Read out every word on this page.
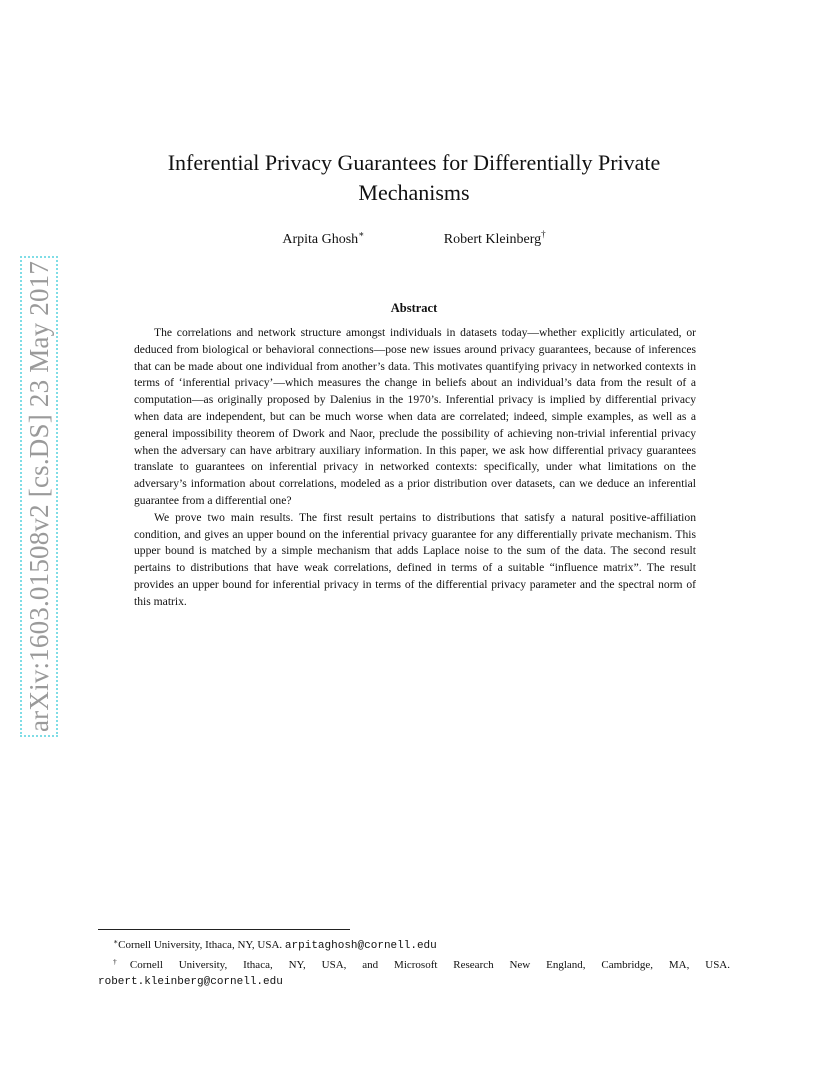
arXiv:1603.01508v2 [cs.DS] 23 May 2017
Inferential Privacy Guarantees for Differentially Private Mechanisms
Arpita Ghosh∗	Robert Kleinberg†
Abstract

The correlations and network structure amongst individuals in datasets today—whether explicitly articulated, or deduced from biological or behavioral connections—pose new issues around privacy guarantees, because of inferences that can be made about one individual from another’s data. This motivates quantifying privacy in networked contexts in terms of ‘inferential privacy’—which measures the change in beliefs about an individual’s data from the result of a computation—as originally proposed by Dalenius in the 1970’s. Inferential privacy is implied by differential privacy when data are independent, but can be much worse when data are correlated; indeed, simple examples, as well as a general impossibility theorem of Dwork and Naor, preclude the possibility of achieving non-trivial inferential privacy when the adversary can have arbitrary auxiliary information. In this paper, we ask how differential privacy guarantees translate to guarantees on inferential privacy in networked contexts: specifically, under what limitations on the adversary’s information about correlations, modeled as a prior distribution over datasets, can we deduce an inferential guarantee from a differential one?

We prove two main results. The first result pertains to distributions that satisfy a natural positive-affiliation condition, and gives an upper bound on the inferential privacy guarantee for any differentially private mechanism. This upper bound is matched by a simple mechanism that adds Laplace noise to the sum of the data. The second result pertains to distributions that have weak correlations, defined in terms of a suitable “influence matrix”. The result provides an upper bound for inferential privacy in terms of the differential privacy parameter and the spectral norm of this matrix.

∗Cornell University, Ithaca, NY, USA. arpitaghosh@cornell.edu

†Cornell University, Ithaca, NY, USA, and Microsoft Research New England, Cambridge, MA, USA. robert.kleinberg@cornell.edu
